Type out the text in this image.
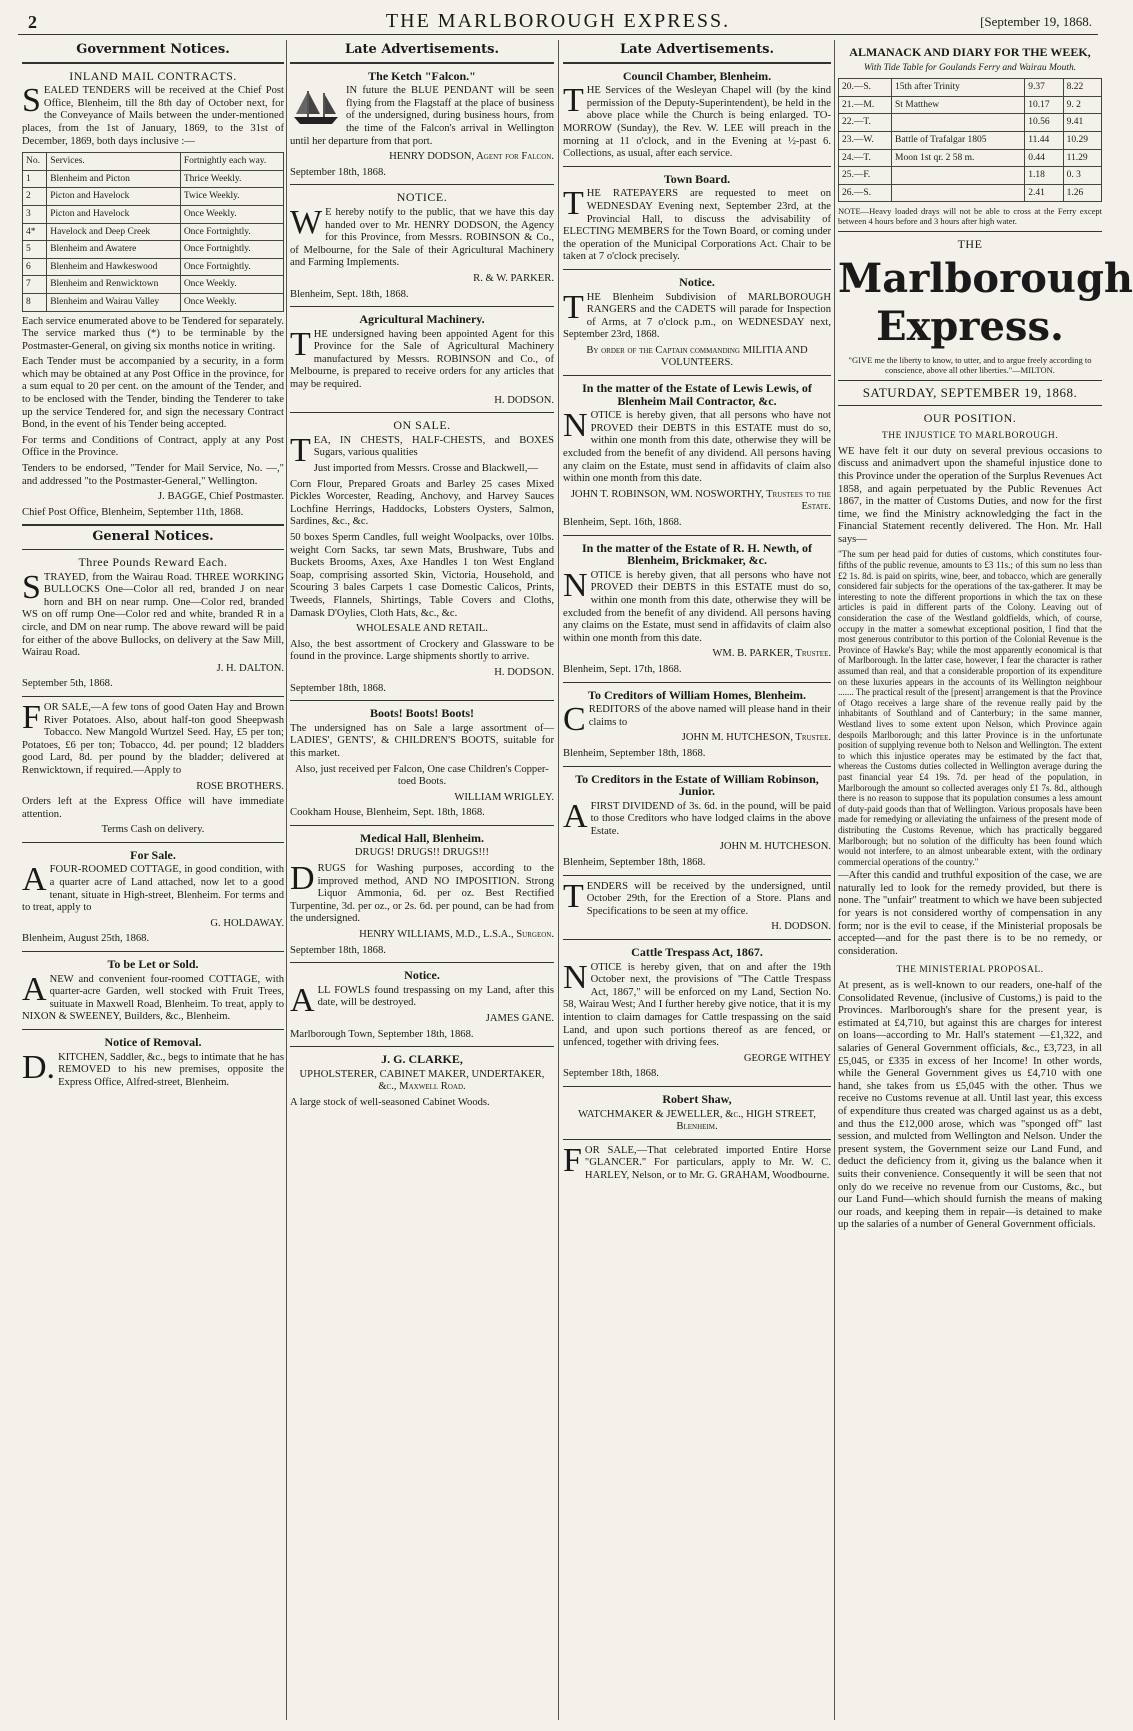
2	THE MARLBOROUGH EXPRESS.	[September 19, 1868.
Government Notices.
INLAND MAIL CONTRACTS.

SEALED TENDERS will be received at the Chief Post Office, Blenheim, till the 8th day of October next, for the Conveyance of Mails between the under-mentioned places, from the 1st of January, 1869, to the 31st of December, 1869, both days inclusive :—

No.	Services.	Fortnightly each way.
1	Blenheim and Picton	Thrice Weekly.
2	Picton and Havelock	Twice Weekly.
3	Picton and Havelock	Once Weekly.
4*	Havelock and Deep Creek	Once Fortnightly.
5	Blenheim and Awatere	Once Fortnightly.
6	Blenheim and Hawkeswood	Once Fortnightly.
7	Blenheim and Renwicktown	Once Weekly.
8	Blenheim and Wairau Valley	Once Weekly.

Each service enumerated above to be Tendered for separately. The service marked thus (*) to be terminable by the Postmaster-General, on giving six months notice in writing.

Each Tender must be accompanied by a security, in a form which may be obtained at any Post Office in the province, for a sum equal to 20 per cent. on the amount of the Tender, and to be enclosed with the Tender, binding the Tenderer to take up the service Tendered for, and sign the necessary Contract Bond, in the event of his Tender being accepted.

For terms and Conditions of Contract, apply at any Post Office in the Province.

Tenders to be endorsed, "Tender for Mail Service, No. —," and addressed "to the Postmaster-General," Wellington.

J. BAGGE, Chief Postmaster.

Chief Post Office, Blenheim, September 11th, 1868.

General Notices.
Three Pounds Reward Each.

STRAYED, from the Wairau Road. THREE WORKING BULLOCKS One—Color all red, branded J on near horn and BH on near rump. One—Color red, branded WS on off rump One—Color red and white, branded R in a circle, and DM on near rump. The above reward will be paid for either of the above Bullocks, on delivery at the Saw Mill, Wairau Road.

J. H. DALTON.

September 5th, 1868.

FOR SALE,—A few tons of good Oaten Hay and Brown River Potatoes. Also, about half-ton good Sheepwash Tobacco. New Mangold Wurtzel Seed. Hay, £5 per ton; Potatoes, £6 per ton; Tobacco, 4d. per pound; 12 bladders good Lard, 8d. per pound by the bladder; delivered at Renwicktown, if required.—Apply to

ROSE BROTHERS.

Orders left at the Express Office will have immediate attention.

Terms Cash on delivery.

For Sale.

AFOUR-ROOMED COTTAGE, in good condition, with a quarter acre of Land attached, now let to a good tenant, situate in High-street, Blenheim. For terms and to treat, apply to

G. HOLDAWAY.

Blenheim, August 25th, 1868.

To be Let or Sold.

ANEW and convenient four-roomed COTTAGE, with quarter-acre Garden, well stocked with Fruit Trees, suituate in Maxwell Road, Blenheim. To treat, apply to NIXON & SWEENEY, Builders, &c., Blenheim.

Notice of Removal.

D.KITCHEN, Saddler, &c., begs to intimate that he has REMOVED to his new premises, opposite the Express Office, Alfred-street, Blenheim.

Late Advertisements.
The Ketch "Falcon."

IN future the BLUE PENDANT will be seen flying from the Flagstaff at the place of business of the undersigned, during business hours, from the time of the Falcon's arrival in Wellington until her departure from that port.

HENRY DODSON, Agent for Falcon.

September 18th, 1868.

NOTICE.

WE hereby notify to the public, that we have this day handed over to Mr. HENRY DODSON, the Agency for this Province, from Messrs. ROBINSON & Co., of Melbourne, for the Sale of their Agricultural Machinery and Farming Implements.

R. & W. PARKER.

Blenheim, Sept. 18th, 1868.

Agricultural Machinery.

THE undersigned having been appointed Agent for this Province for the Sale of Agricultural Machinery manufactured by Messrs. ROBINSON and Co., of Melbourne, is prepared to receive orders for any articles that may be required.

H. DODSON.

ON SALE.

TEA, IN CHESTS, HALF-CHESTS, and BOXES Sugars, various qualities

Just imported from Messrs. Crosse and Blackwell,—

Corn Flour, Prepared Groats and Barley 25 cases Mixed Pickles Worcester, Reading, Anchovy, and Harvey Sauces Lochfine Herrings, Haddocks, Lobsters Oysters, Salmon, Sardines, &c., &c.

50 boxes Sperm Candles, full weight Woolpacks, over 10lbs. weight Corn Sacks, tar sewn Mats, Brushware, Tubs and Buckets Brooms, Axes, Axe Handles 1 ton West England Soap, comprising assorted Skin, Victoria, Household, and Scouring 3 bales Carpets 1 case Domestic Calicos, Prints, Tweeds, Flannels, Shirtings, Table Covers and Cloths, Damask D'Oylies, Cloth Hats, &c., &c.

WHOLESALE AND RETAIL.

Also, the best assortment of Crockery and Glassware to be found in the province. Large shipments shortly to arrive.

H. DODSON.

September 18th, 1868.

Boots! Boots! Boots!

The undersigned has on Sale a large assortment of— LADIES', GENTS', & CHILDREN'S BOOTS, suitable for this market.

Also, just received per Falcon, One case Children's Copper-toed Boots.

WILLIAM WRIGLEY.

Cookham House, Blenheim, Sept. 18th, 1868.

Medical Hall, Blenheim.

DRUGS! DRUGS!! DRUGS!!!

DRUGS for Washing purposes, according to the improved method, AND NO IMPOSITION. Strong Liquor Ammonia, 6d. per oz. Best Rectified Turpentine, 3d. per oz., or 2s. 6d. per pound, can be had from the undersigned.

HENRY WILLIAMS, M.D., L.S.A., Surgeon.

September 18th, 1868.

Notice.

ALL FOWLS found trespassing on my Land, after this date, will be destroyed.

JAMES GANE.

Marlborough Town, September 18th, 1868.

J. G. CLARKE,

UPHOLSTERER, CABINET MAKER, UNDERTAKER, &c., Maxwell Road.

A large stock of well-seasoned Cabinet Woods.

Late Advertisements.
Council Chamber, Blenheim.

THE Services of the Wesleyan Chapel will (by the kind permission of the Deputy-Superintendent), be held in the above place while the Church is being enlarged. TO-MORROW (Sunday), the Rev. W. LEE will preach in the morning at 11 o'clock, and in the Evening at ½-past 6. Collections, as usual, after each service.

Town Board.

THE RATEPAYERS are requested to meet on WEDNESDAY Evening next, September 23rd, at the Provincial Hall, to discuss the advisability of ELECTING MEMBERS for the Town Board, or coming under the operation of the Municipal Corporations Act. Chair to be taken at 7 o'clock precisely.

Notice.

THE Blenheim Subdivision of MARLBOROUGH RANGERS and the CADETS will parade for Inspection of Arms, at 7 o'clock p.m., on WEDNESDAY next, September 23rd, 1868.

By order of the Captain commanding MILITIA AND VOLUNTEERS.

In the matter of the Estate of Lewis Lewis, of Blenheim Mail Contractor, &c.

NOTICE is hereby given, that all persons who have not PROVED their DEBTS in this ESTATE must do so, within one month from this date, otherwise they will be excluded from the benefit of any dividend. All persons having any claim on the Estate, must send in affidavits of claim also within one month from this date.

JOHN T. ROBINSON, WM. NOSWORTHY, Trustees to the Estate.

Blenheim, Sept. 16th, 1868.

In the matter of the Estate of R. H. Newth, of Blenheim, Brickmaker, &c.

NOTICE is hereby given, that all persons who have not PROVED their DEBTS in this ESTATE must do so, within one month from this date, otherwise they will be excluded from the benefit of any dividend. All persons having any claims on the Estate, must send in affidavits of claim also within one month from this date.

WM. B. PARKER, Trustee.

Blenheim, Sept. 17th, 1868.

To Creditors of William Homes, Blenheim.

CREDITORS of the above named will please hand in their claims to

JOHN M. HUTCHESON, Trustee.

Blenheim, September 18th, 1868.

To Creditors in the Estate of William Robinson, Junior.

AFIRST DIVIDEND of 3s. 6d. in the pound, will be paid to those Creditors who have lodged claims in the above Estate.

JOHN M. HUTCHESON.

Blenheim, September 18th, 1868.

TENDERS will be received by the undersigned, until October 29th, for the Erection of a Store. Plans and Specifications to be seen at my office.

H. DODSON.

Cattle Trespass Act, 1867.

NOTICE is hereby given, that on and after the 19th October next, the provisions of "The Cattle Trespass Act, 1867," will be enforced on my Land, Section No. 58, Wairau West; And I further hereby give notice, that it is my intention to claim damages for Cattle trespassing on the said Land, and upon such portions thereof as are fenced, or unfenced, together with driving fees.

GEORGE WITHEY

September 18th, 1868.

Robert Shaw,

WATCHMAKER & JEWELLER, &c., HIGH STREET, Blenheim.

FOR SALE,—That celebrated imported Entire Horse "GLANCER." For particulars, apply to Mr. W. C. HARLEY, Nelson, or to Mr. G. GRAHAM, Woodbourne.

ALMANACK AND DIARY FOR THE WEEK,

With Tide Table for Goulands Ferry and Wairau Mouth.

20.—S.	15th after Trinity	9.37	8.22
21.—M.	St Matthew	10.17	9. 2
22.—T.		10.56	9.41
23.—W.	Battle of Trafalgar 1805	11.44	10.29
24.—T.	Moon 1st qr. 2 58 m.	0.44	11.29
25.—F.		1.18	0. 3
26.—S.		2.41	1.26

NOTE—Heavy loaded drays will not be able to cross at the Ferry except between 4 hours before and 3 hours after high water.

THE
Marlborough Express.

"GIVE me the liberty to know, to utter, and to argue freely according to conscience, above all other liberties."—MILTON.

SATURDAY, SEPTEMBER 19, 1868.
OUR POSITION.
THE INJUSTICE TO MARLBOROUGH.

WE have felt it our duty on several previous occasions to discuss and animadvert upon the shameful injustice done to this Province under the operation of the Surplus Revenues Act 1858, and again perpetuated by the Public Revenues Act 1867, in the matter of Customs Duties, and now for the first time, we find the Ministry acknowledging the fact in the Financial Statement recently delivered. The Hon. Mr. Hall says—

"The sum per head paid for duties of customs, which constitutes four-fifths of the public revenue, amounts to £3 11s.; of this sum no less than £2 1s. 8d. is paid on spirits, wine, beer, and tobacco, which are generally considered fair subjects for the operations of the tax-gatherer. It may be interesting to note the different proportions in which the tax on these articles is paid in different parts of the Colony. Leaving out of consideration the case of the Westland goldfields, which, of course, occupy in the matter a somewhat exceptional position, I find that the most generous contributor to this portion of the Colonial Revenue is the Province of Hawke's Bay; while the most apparently economical is that of Marlborough. In the latter case, however, I fear the character is rather assumed than real, and that a considerable proportion of its expenditure on these luxuries appears in the accounts of its Wellington neighbour ....... The practical result of the [present] arrangement is that the Province of Otago receives a large share of the revenue really paid by the inhabitants of Southland and of Canterbury; in the same manner, Westland lives to some extent upon Nelson, which Province again despoils Marlborough; and this latter Province is in the unfortunate position of supplying revenue both to Nelson and Wellington. The extent to which this injustice operates may be estimated by the fact that, whereas the Customs duties collected in Wellington average during the past financial year £4 19s. 7d. per head of the population, in Marlborough the amount so collected averages only £1 7s. 8d., although there is no reason to suppose that its population consumes a less amount of duty-paid goods than that of Wellington. Various proposals have been made for remedying or alleviating the unfairness of the present mode of distributing the Customs Revenue, which has practically beggared Marlborough; but no solution of the difficulty has been found which would not interfere, to an almost unbearable extent, with the ordinary commercial operations of the country."

—After this candid and truthful exposition of the case, we are naturally led to look for the remedy provided, but there is none. The "unfair" treatment to which we have been subjected for years is not considered worthy of compensation in any form; nor is the evil to cease, if the Ministerial proposals be accepted—and for the past there is to be no remedy, or consideration.

THE MINISTERIAL PROPOSAL.

At present, as is well-known to our readers, one-half of the Consolidated Revenue, (inclusive of Customs,) is paid to the Provinces. Marlborough's share for the present year, is estimated at £4,710, but against this are charges for interest on loans—according to Mr. Hall's statement —£1,322, and salaries of General Government officials, &c., £3,723, in all £5,045, or £335 in excess of her Income! In other words, while the General Government gives us £4,710 with one hand, she takes from us £5,045 with the other. Thus we receive no Customs revenue at all. Until last year, this excess of expenditure thus created was charged against us as a debt, and thus the £12,000 arose, which was "sponged off" last session, and mulcted from Wellington and Nelson. Under the present system, the Government seize our Land Fund, and deduct the deficiency from it, giving us the balance when it suits their convenience. Consequently it will be seen that not only do we receive no revenue from our Customs, &c., but our Land Fund—which should furnish the means of making our roads, and keeping them in repair—is detained to make up the salaries of a number of General Government officials.
